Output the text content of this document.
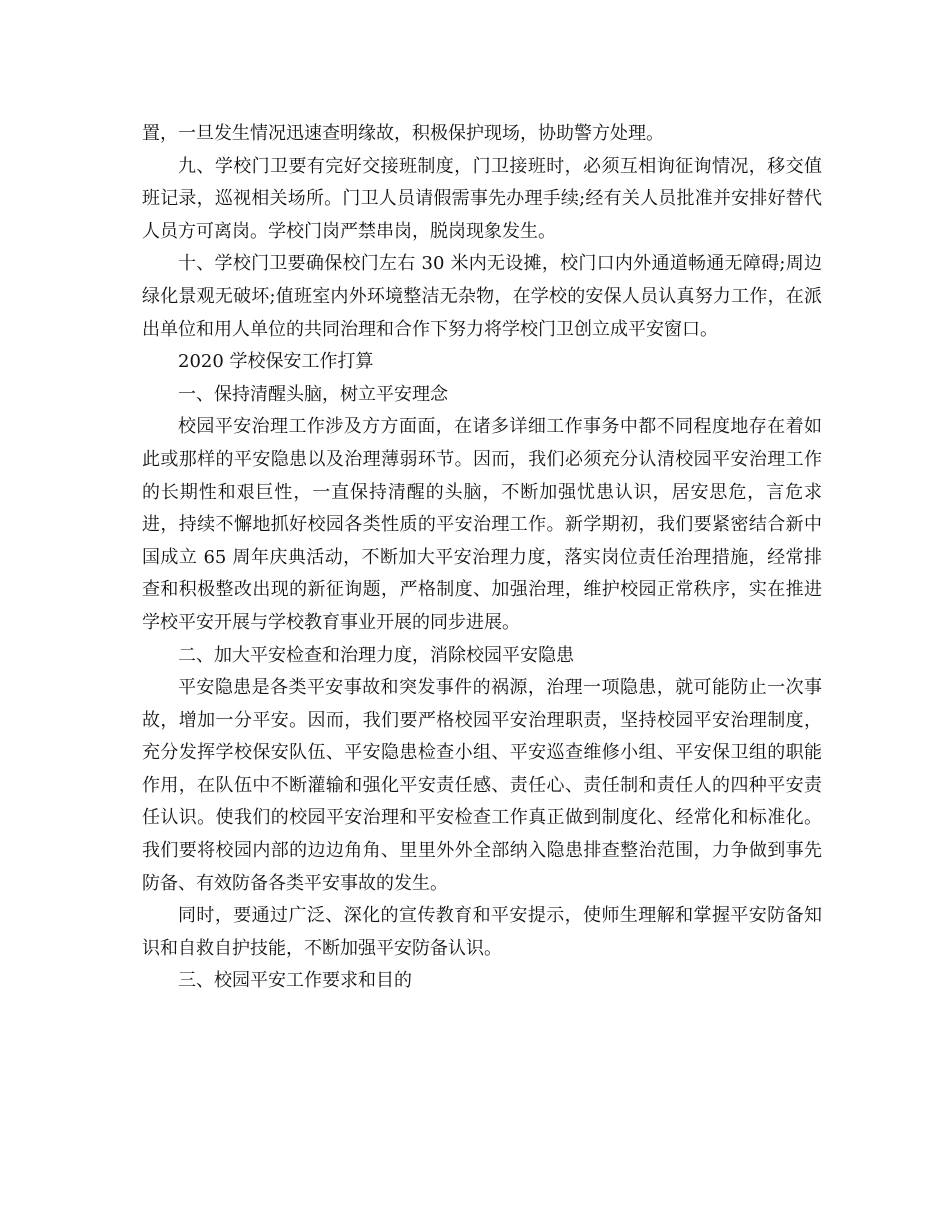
置，一旦发生情况迅速查明缘故，积极保护现场，协助警方处理。

九、学校门卫要有完好交接班制度，门卫接班时，必须互相询征询情况，移交值班记录，巡视相关场所。门卫人员请假需事先办理手续;经有关人员批准并安排好替代人员方可离岗。学校门岗严禁串岗，脱岗现象发生。

十、学校门卫要确保校门左右 30 米内无设摊，校门口内外通道畅通无障碍;周边绿化景观无破坏;值班室内外环境整洁无杂物，在学校的安保人员认真努力工作，在派出单位和用人单位的共同治理和合作下努力将学校门卫创立成平安窗口。

2020 学校保安工作打算

一、保持清醒头脑，树立平安理念

校园平安治理工作涉及方方面面，在诸多详细工作事务中都不同程度地存在着如此或那样的平安隐患以及治理薄弱环节。因而，我们必须充分认清校园平安治理工作的长期性和艰巨性，一直保持清醒的头脑，不断加强忧患认识，居安思危，言危求进，持续不懈地抓好校园各类性质的平安治理工作。新学期初，我们要紧密结合新中国成立 65 周年庆典活动，不断加大平安治理力度，落实岗位责任治理措施，经常排查和积极整改出现的新征询题，严格制度、加强治理，维护校园正常秩序，实在推进学校平安开展与学校教育事业开展的同步进展。

二、加大平安检查和治理力度，消除校园平安隐患

平安隐患是各类平安事故和突发事件的祸源，治理一项隐患，就可能防止一次事故，增加一分平安。因而，我们要严格校园平安治理职责，坚持校园平安治理制度，充分发挥学校保安队伍、平安隐患检查小组、平安巡查维修小组、平安保卫组的职能作用，在队伍中不断灌输和强化平安责任感、责任心、责任制和责任人的四种平安责任认识。使我们的校园平安治理和平安检查工作真正做到制度化、经常化和标准化。我们要将校园内部的边边角角、里里外外全部纳入隐患排查整治范围，力争做到事先防备、有效防备各类平安事故的发生。

同时，要通过广泛、深化的宣传教育和平安提示，使师生理解和掌握平安防备知识和自救自护技能，不断加强平安防备认识。

三、校园平安工作要求和目的
